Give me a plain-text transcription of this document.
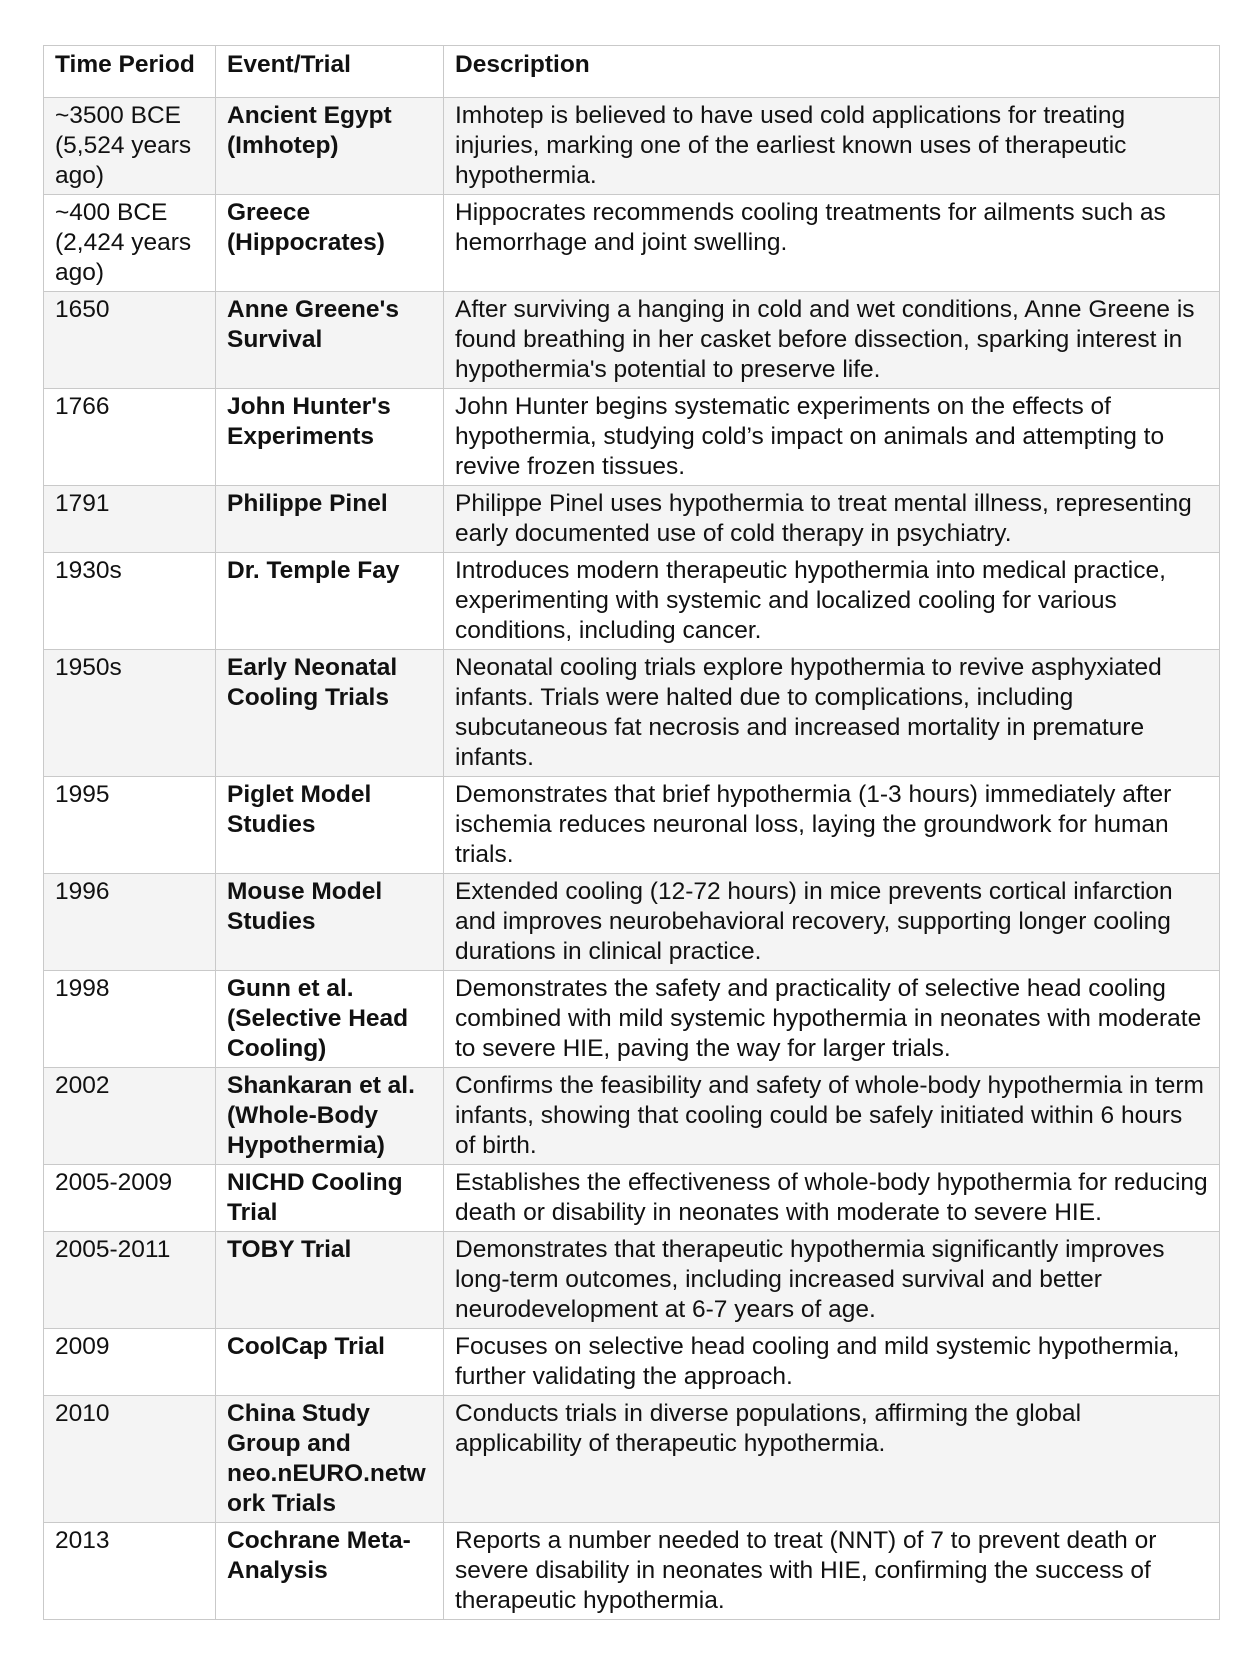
Time Period	Event/Trial	Description
~3500 BCE (5,524 years ago)	Ancient Egypt (Imhotep)	Imhotep is believed to have used cold applications for treating injuries, marking one of the earliest known uses of therapeutic hypothermia.
~400 BCE (2,424 years ago)	Greece (Hippocrates)	Hippocrates recommends cooling treatments for ailments such as hemorrhage and joint swelling.
1650	Anne Greene's Survival	After surviving a hanging in cold and wet conditions, Anne Greene is found breathing in her casket before dissection, sparking interest in hypothermia's potential to preserve life.
1766	John Hunter's Experiments	John Hunter begins systematic experiments on the effects of hypothermia, studying cold’s impact on animals and attempting to revive frozen tissues.
1791	Philippe Pinel	Philippe Pinel uses hypothermia to treat mental illness, representing early documented use of cold therapy in psychiatry.
1930s	Dr. Temple Fay	Introduces modern therapeutic hypothermia into medical practice, experimenting with systemic and localized cooling for various conditions, including cancer.
1950s	Early Neonatal Cooling Trials	Neonatal cooling trials explore hypothermia to revive asphyxiated infants. Trials were halted due to complications, including subcutaneous fat necrosis and increased mortality in premature infants.
1995	Piglet Model Studies	Demonstrates that brief hypothermia (1-3 hours) immediately after ischemia reduces neuronal loss, laying the groundwork for human trials.
1996	Mouse Model Studies	Extended cooling (12-72 hours) in mice prevents cortical infarction and improves neurobehavioral recovery, supporting longer cooling durations in clinical practice.
1998	Gunn et al. (Selective Head Cooling)	Demonstrates the safety and practicality of selective head cooling combined with mild systemic hypothermia in neonates with moderate to severe HIE, paving the way for larger trials.
2002	Shankaran et al. (Whole-Body Hypothermia)	Confirms the feasibility and safety of whole-body hypothermia in term infants, showing that cooling could be safely initiated within 6 hours of birth.
2005-2009	NICHD Cooling Trial	Establishes the effectiveness of whole-body hypothermia for reducing death or disability in neonates with moderate to severe HIE.
2005-2011	TOBY Trial	Demonstrates that therapeutic hypothermia significantly improves long-term outcomes, including increased survival and better neurodevelopment at 6-7 years of age.
2009	CoolCap Trial	Focuses on selective head cooling and mild systemic hypothermia, further validating the approach.
2010	China Study Group and neo.nEURO.network Trials	Conducts trials in diverse populations, affirming the global applicability of therapeutic hypothermia.
2013	Cochrane Meta-Analysis	Reports a number needed to treat (NNT) of 7 to prevent death or severe disability in neonates with HIE, confirming the success of therapeutic hypothermia.
